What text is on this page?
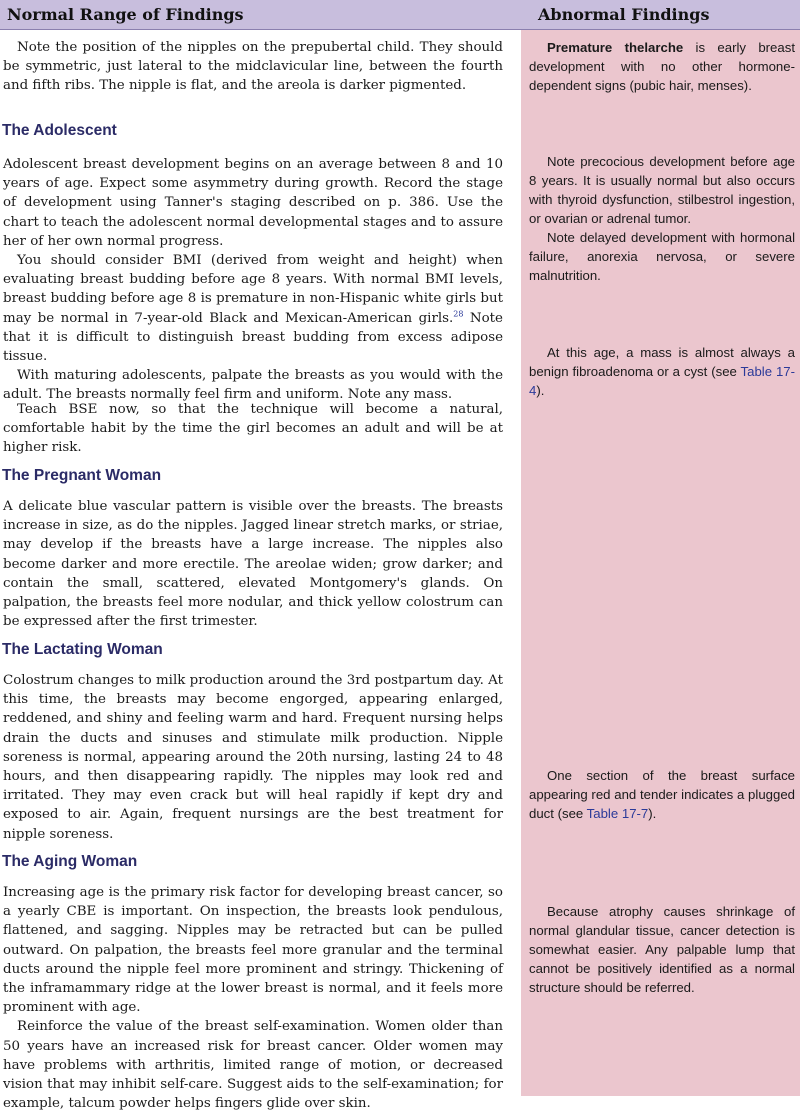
Normal Range of Findings	Abnormal Findings

Note the position of the nipples on the prepubertal child. They should be symmetric, just lateral to the midclavicular line, between the fourth and fifth ribs. The nipple is flat, and the areola is darker pigmented.

The Adolescent

Adolescent breast development begins on an average between 8 and 10 years of age. Expect some asymmetry during growth. Record the stage of development using Tanner's staging described on p. 386. Use the chart to teach the adolescent normal developmental stages and to assure her of her own normal progress.

You should consider BMI (derived from weight and height) when evaluating breast budding before age 8 years. With normal BMI levels, breast budding before age 8 is premature in non-Hispanic white girls but may be normal in 7-year-old Black and Mexican-American girls.$^{28}$ Note that it is difficult to distinguish breast budding from excess adipose tissue.

With maturing adolescents, palpate the breasts as you would with the adult. The breasts normally feel firm and uniform. Note any mass.

Teach BSE now, so that the technique will become a natural, comfortable habit by the time the girl becomes an adult and will be at higher risk.

The Pregnant Woman

A delicate blue vascular pattern is visible over the breasts. The breasts increase in size, as do the nipples. Jagged linear stretch marks, or striae, may develop if the breasts have a large increase. The nipples also become darker and more erectile. The areolae widen; grow darker; and contain the small, scattered, elevated Montgomery's glands. On palpation, the breasts feel more nodular, and thick yellow colostrum can be expressed after the first trimester.

The Lactating Woman

Colostrum changes to milk production around the 3rd postpartum day. At this time, the breasts may become engorged, appearing enlarged, reddened, and shiny and feeling warm and hard. Frequent nursing helps drain the ducts and sinuses and stimulate milk production. Nipple soreness is normal, appearing around the 20th nursing, lasting 24 to 48 hours, and then disappearing rapidly. The nipples may look red and irritated. They may even crack but will heal rapidly if kept dry and exposed to air. Again, frequent nursings are the best treatment for nipple soreness.

The Aging Woman

Increasing age is the primary risk factor for developing breast cancer, so a yearly CBE is important. On inspection, the breasts look pendulous, flattened, and sagging. Nipples may be retracted but can be pulled outward. On palpation, the breasts feel more granular and the terminal ducts around the nipple feel more prominent and stringy. Thickening of the inframammary ridge at the lower breast is normal, and it feels more prominent with age.

Reinforce the value of the breast self-examination. Women older than 50 years have an increased risk for breast cancer. Older women may have problems with arthritis, limited range of motion, or decreased vision that may inhibit self-care. Suggest aids to the self-examination; for example, talcum powder helps fingers glide over skin.

Premature thelarche is early breast development with no other hormone-dependent signs (pubic hair, menses).

Note precocious development before age 8 years. It is usually normal but also occurs with thyroid dysfunction, stilbestrol ingestion, or ovarian or adrenal tumor.

Note delayed development with hormonal failure, anorexia nervosa, or severe malnutrition.

At this age, a mass is almost always a benign fibroadenoma or a cyst (see Table 17-4).

One section of the breast surface appearing red and tender indicates a plugged duct (see Table 17-7).

Because atrophy causes shrinkage of normal glandular tissue, cancer detection is somewhat easier. Any palpable lump that cannot be positively identified as a normal structure should be referred.
